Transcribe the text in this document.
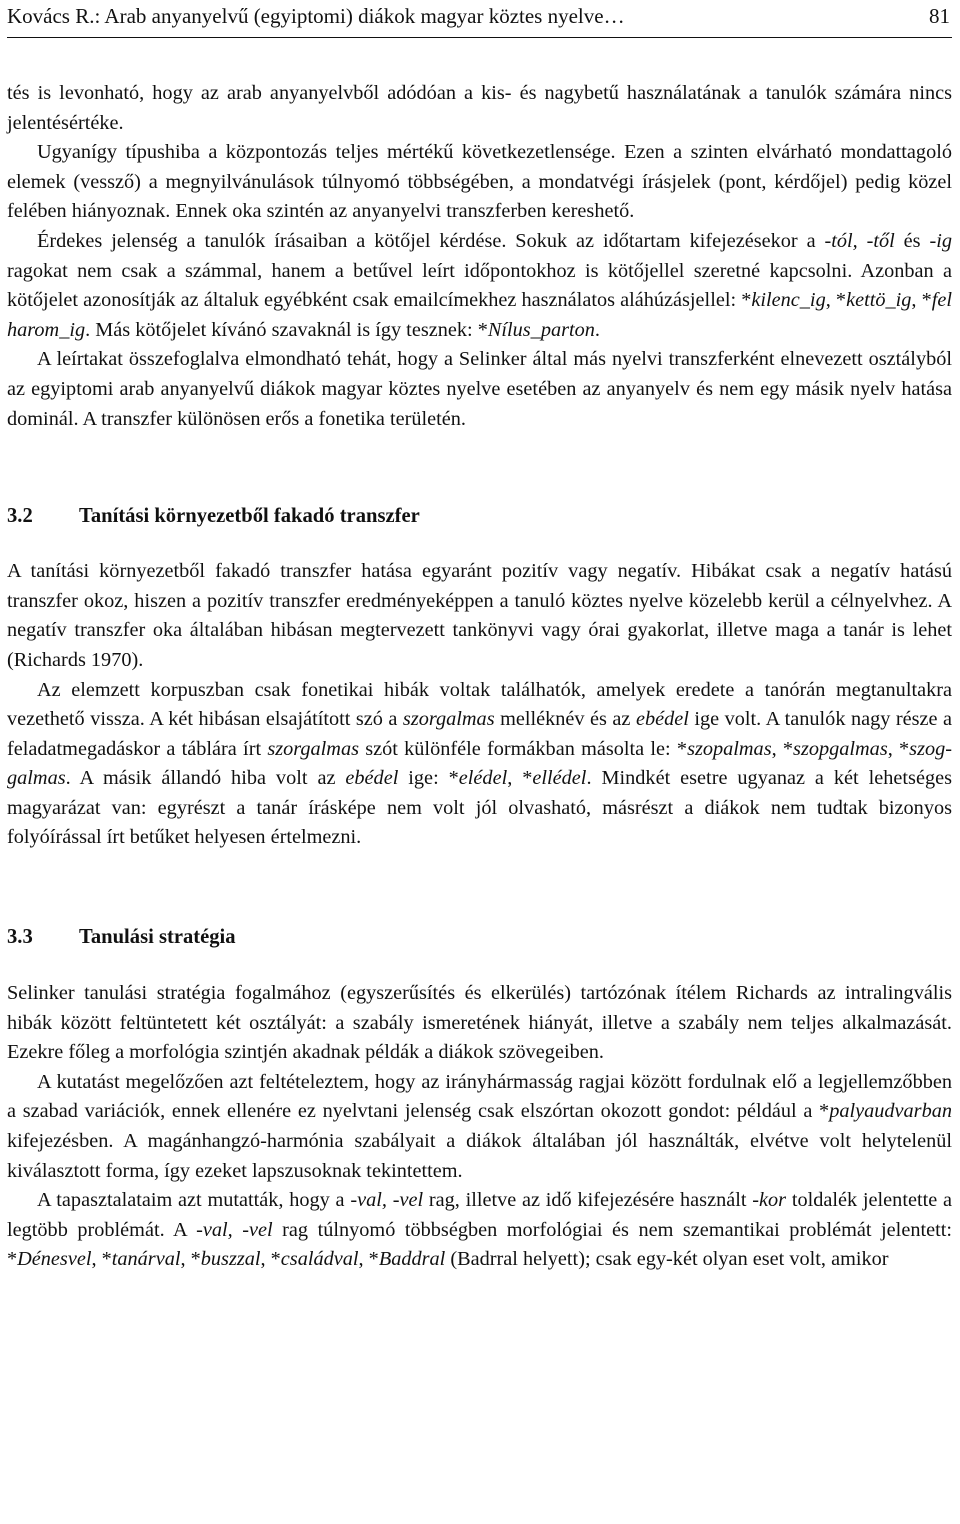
Kovács R.: Arab anyanyelvű (egyiptomi) diákok magyar köztes nyelve…	81

tés is levonható, hogy az arab anyanyelvből adódóan a kis- és nagybetű használatának a tanulók számára nincs jelentésértéke.

Ugyanígy típushiba a központozás teljes mértékű következetlensége. Ezen a szinten elvárható mondattagoló elemek (vessző) a megnyilvánulások túlnyomó többségében, a mondatvégi írásjelek (pont, kérdőjel) pedig közel felében hiányoznak. Ennek oka szintén az anyanyelvi transzferben kereshető.

Érdekes jelenség a tanulók írásaiban a kötőjel kérdése. Sokuk az időtartam kifejezésekor a -tól, -től és -ig ragokat nem csak a számmal, hanem a betűvel leírt időpontokhoz is kötőjellel szeretné kapcsolni. Azonban a kötőjelet azonosítják az általuk egyébként csak emailcímekhez használatos aláhúzásjellel: *kilenc_ig, *kettö_ig, *fel harom_ig. Más kötőjelet kívánó szavaknál is így tesznek: *Nílus_parton.

A leírtakat összefoglalva elmondható tehát, hogy a Selinker által más nyelvi transzferként elnevezett osztályból az egyiptomi arab anyanyelvű diákok magyar köztes nyelve esetében az anyanyelv és nem egy másik nyelv hatása dominál. A transzfer különösen erős a fonetika területén.

3.2	Tanítási környezetből fakadó transzfer

A tanítási környezetből fakadó transzfer hatása egyaránt pozitív vagy negatív. Hibákat csak a negatív hatású transzfer okoz, hiszen a pozitív transzfer eredményeképpen a tanuló köztes nyelve közelebb kerül a célnyelvhez. A negatív transzfer oka általában hibásan megtervezett tankönyvi vagy órai gyakorlat, illetve maga a tanár is lehet (Richards 1970).

Az elemzett korpuszban csak fonetikai hibák voltak találhatók, amelyek eredete a tanórán megtanultakra vezethető vissza. A két hibásan elsajátított szó a szorgalmas melléknév és az ebédel ige volt. A tanulók nagy része a feladatmegadáskor a táblára írt szorgalmas szót különféle formákban másolta le: *szopalmas, *szopgalmas, *szoggalmas. A másik állandó hiba volt az ebédel ige: *elédel, *ellédel. Mindkét esetre ugyanaz a két lehetséges magyarázat van: egyrészt a tanár írásképe nem volt jól olvasható, másrészt a diákok nem tudtak bizonyos folyóírással írt betűket helyesen értelmezni.

3.3	Tanulási stratégia

Selinker tanulási stratégia fogalmához (egyszerűsítés és elkerülés) tartózónak ítélem Richards az intralingvális hibák között feltüntetett két osztályát: a szabály ismeretének hiányát, illetve a szabály nem teljes alkalmazását. Ezekre főleg a morfológia szintjén akadnak példák a diákok szövegeiben.

A kutatást megelőzően azt feltételeztem, hogy az irányhármasság ragjai között fordulnak elő a legjellemzőbben a szabad variációk, ennek ellenére ez nyelvtani jelenség csak elszórtan okozott gondot: például a *palyaudvarban kifejezésben. A magánhangzó-harmónia szabályait a diákok általában jól használták, elvétve volt helytelenül kiválasztott forma, így ezeket lapszusoknak tekintettem.

A tapasztalataim azt mutatták, hogy a -val, -vel rag, illetve az idő kifejezésére használt -kor toldalék jelentette a legtöbb problémát. A -val, -vel rag túlnyomó többségben morfológiai és nem szemantikai problémát jelentett: *Dénesvel, *tanárval, *buszzal, *családval, *Baddral (Badrral helyett); csak egy-két olyan eset volt, amikor
